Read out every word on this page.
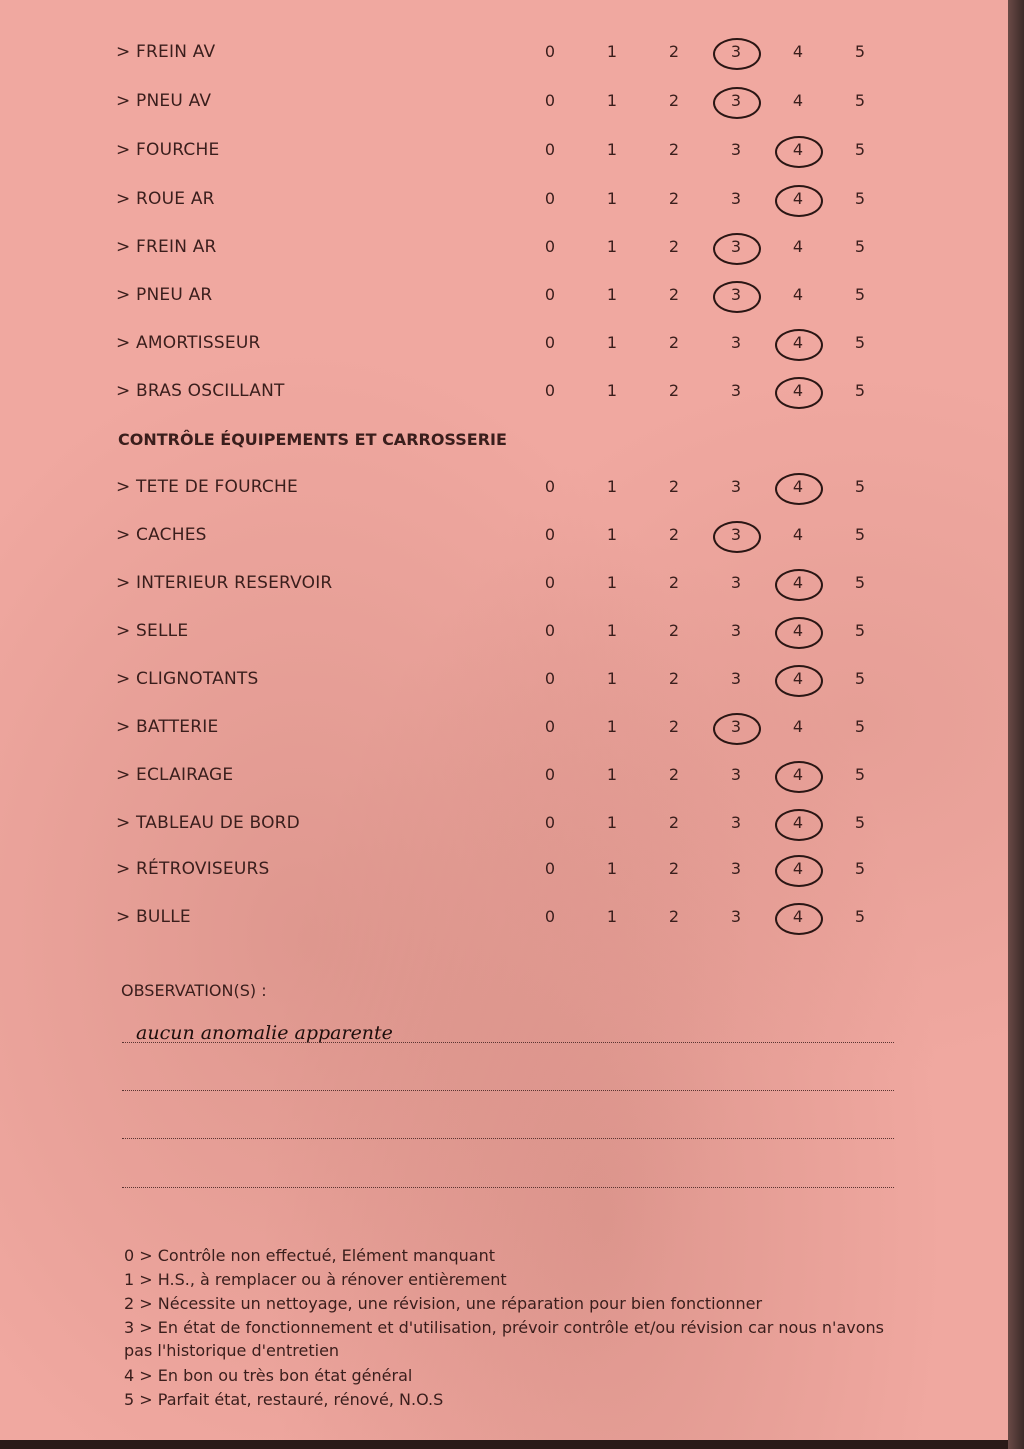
> FREIN AV	0	1	2	3	4	5
> PNEU AV	0	1	2	3	4	5
> FOURCHE	0	1	2	3	4	5
> ROUE AR	0	1	2	3	4	5
> FREIN AR	0	1	2	3	4	5
> PNEU AR	0	1	2	3	4	5
> AMORTISSEUR	0	1	2	3	4	5
> BRAS OSCILLANT	0	1	2	3	4	5
CONTRÔLE ÉQUIPEMENTS ET CARROSSERIE
> TETE DE FOURCHE	0	1	2	3	4	5
> CACHES	0	1	2	3	4	5
> INTERIEUR RESERVOIR	0	1	2	3	4	5
> SELLE	0	1	2	3	4	5
> CLIGNOTANTS	0	1	2	3	4	5
> BATTERIE	0	1	2	3	4	5
> ECLAIRAGE	0	1	2	3	4	5
> TABLEAU DE BORD	0	1	2	3	4	5
> RÉTROVISEURS	0	1	2	3	4	5
> BULLE	0	1	2	3	4	5
OBSERVATION(S) :
aucun anomalie apparente
0 > Contrôle non effectué, Elément manquant
1 > H.S., à remplacer ou à rénover entièrement
2 > Nécessite un nettoyage, une révision, une réparation pour bien fonctionner
3 > En état de fonctionnement et d'utilisation, prévoir contrôle et/ou révision car nous n'avons pas l'historique d'entretien
4 > En bon ou très bon état général
5 > Parfait état, restauré, rénové, N.O.S
